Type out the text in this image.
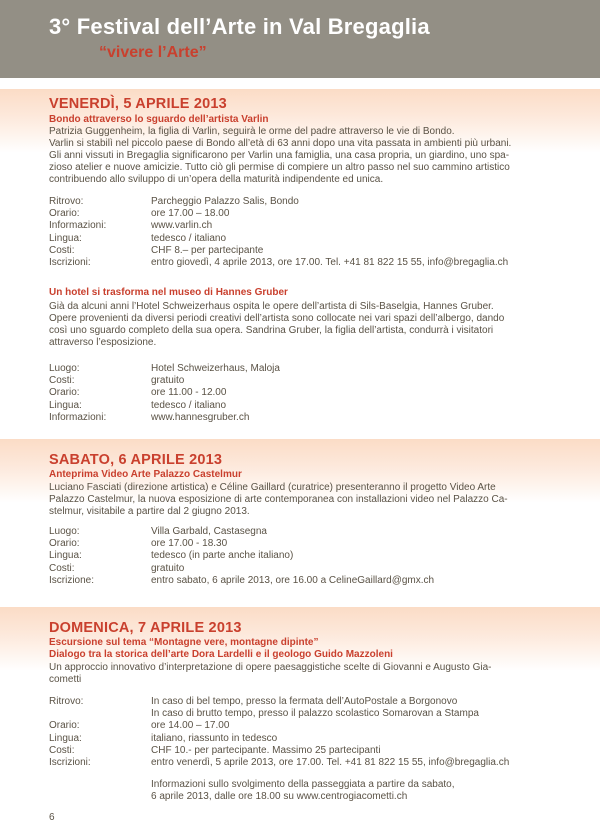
3° Festival dell’Arte in Val Bregaglia
“vivere l’Arte”
VENERDÌ, 5 APRILE 2013
Bondo attraverso lo sguardo dell’artista Varlin
Patrizia Guggenheim, la figlia di Varlin, seguirà le orme del padre attraverso le vie di Bondo.
Varlin si stabilì nel piccolo paese di Bondo all’età di 63 anni dopo una vita passata in ambienti più urbani.
Gli anni vissuti in Bregaglia significarono per Varlin una famiglia, una casa propria, un giardino, uno spa-
zioso atelier e nuove amicizie. Tutto ciò gli permise di compiere un altro passo nel suo cammino artistico
contribuendo allo sviluppo di un’opera della maturità indipendente ed unica.
Ritrovo:	Parcheggio Palazzo Salis, Bondo
Orario:	ore 17.00 – 18.00
Informazioni:	www.varlin.ch
Lingua:	tedesco / italiano
Costi:	CHF 8.– per partecipante
Iscrizioni:	entro giovedì, 4 aprile 2013, ore 17.00. Tel. +41 81 822 15 55, info@bregaglia.ch
Un hotel si trasforma nel museo di Hannes Gruber
Già da alcuni anni l’Hotel Schweizerhaus ospita le opere dell’artista di Sils-Baselgia, Hannes Gruber.
Opere provenienti da diversi periodi creativi dell’artista sono collocate nei vari spazi dell’albergo, dando
così uno sguardo completo della sua opera. Sandrina Gruber, la figlia dell’artista, condurrà i visitatori
attraverso l’esposizione.
Luogo:	Hotel Schweizerhaus, Maloja
Costi:	gratuito
Orario:	ore 11.00 - 12.00
Lingua:	tedesco / italiano
Informazioni:	www.hannesgruber.ch
SABATO, 6 APRILE 2013
Anteprima Video Arte Palazzo Castelmur
Luciano Fasciati (direzione artistica) e Céline Gaillard (curatrice) presenteranno il progetto Video Arte
Palazzo Castelmur, la nuova esposizione di arte contemporanea con installazioni video nel Palazzo Ca-
stelmur, visitabile a partire dal 2 giugno 2013.
Luogo:	Villa Garbald, Castasegna
Orario:	ore 17.00 - 18.30
Lingua:	tedesco (in parte anche italiano)
Costi:	gratuito
Iscrizione:	entro sabato, 6 aprile 2013, ore 16.00 a CelineGaillard@gmx.ch
DOMENICA, 7 APRILE 2013
Escursione sul tema “Montagne vere, montagne dipinte”
Dialogo tra la storica dell’arte Dora Lardelli e il geologo Guido Mazzoleni
Un approccio innovativo d’interpretazione di opere paesaggistiche scelte di Giovanni e Augusto Gia-
cometti
Ritrovo:	In caso di bel tempo, presso la fermata dell’AutoPostale a Borgonovo
In caso di brutto tempo, presso il palazzo scolastico Somarovan a Stampa
Orario:	ore 14.00 – 17.00
Lingua:	italiano, riassunto in tedesco
Costi:	CHF 10.- per partecipante. Massimo 25 partecipanti
Iscrizioni:	entro venerdì, 5 aprile 2013, ore 17.00. Tel. +41 81 822 15 55, info@bregaglia.ch
Informazioni sullo svolgimento della passeggiata a partire da sabato,
6 aprile 2013, dalle ore 18.00 su www.centrogiacometti.ch
6
